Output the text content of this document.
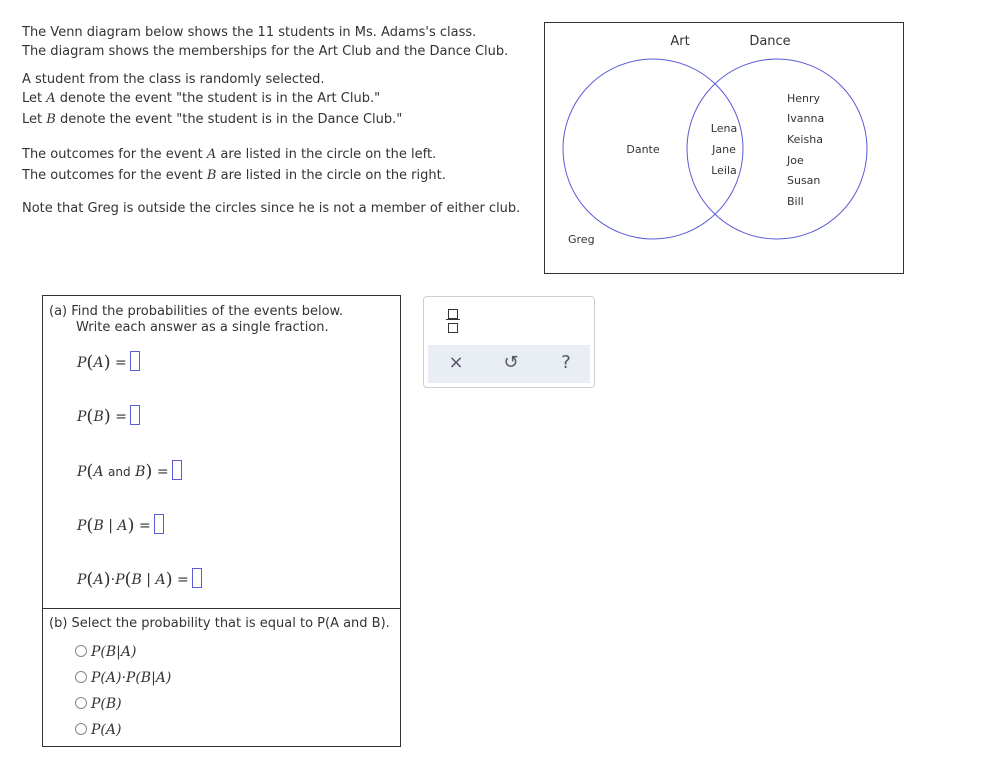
The Venn diagram below shows the 11 students in Ms. Adams's class.
The diagram shows the memberships for the Art Club and the Dance Club.
A student from the class is randomly selected.
Let A denote the event "the student is in the Art Club."
Let B denote the event "the student is in the Dance Club."
The outcomes for the event A are listed in the circle on the left.
The outcomes for the event B are listed in the circle on the right.
Note that Greg is outside the circles since he is not a member of either club.
Art	Dance
Dante
Lena
Jane
Leila
Henry
Ivanna
Keisha
Joe
Susan
Bill
Greg
(a) Find the probabilities of the events below.
Write each answer as a single fraction.
P(A) =
P(B) =
P(A and B) =
P(B | A) =
P(A)·P(B | A) =
(b) Select the probability that is equal to P(A and B).
P(B|A)
P(A)·P(B|A)
P(B)
P(A)
× ↺	?
